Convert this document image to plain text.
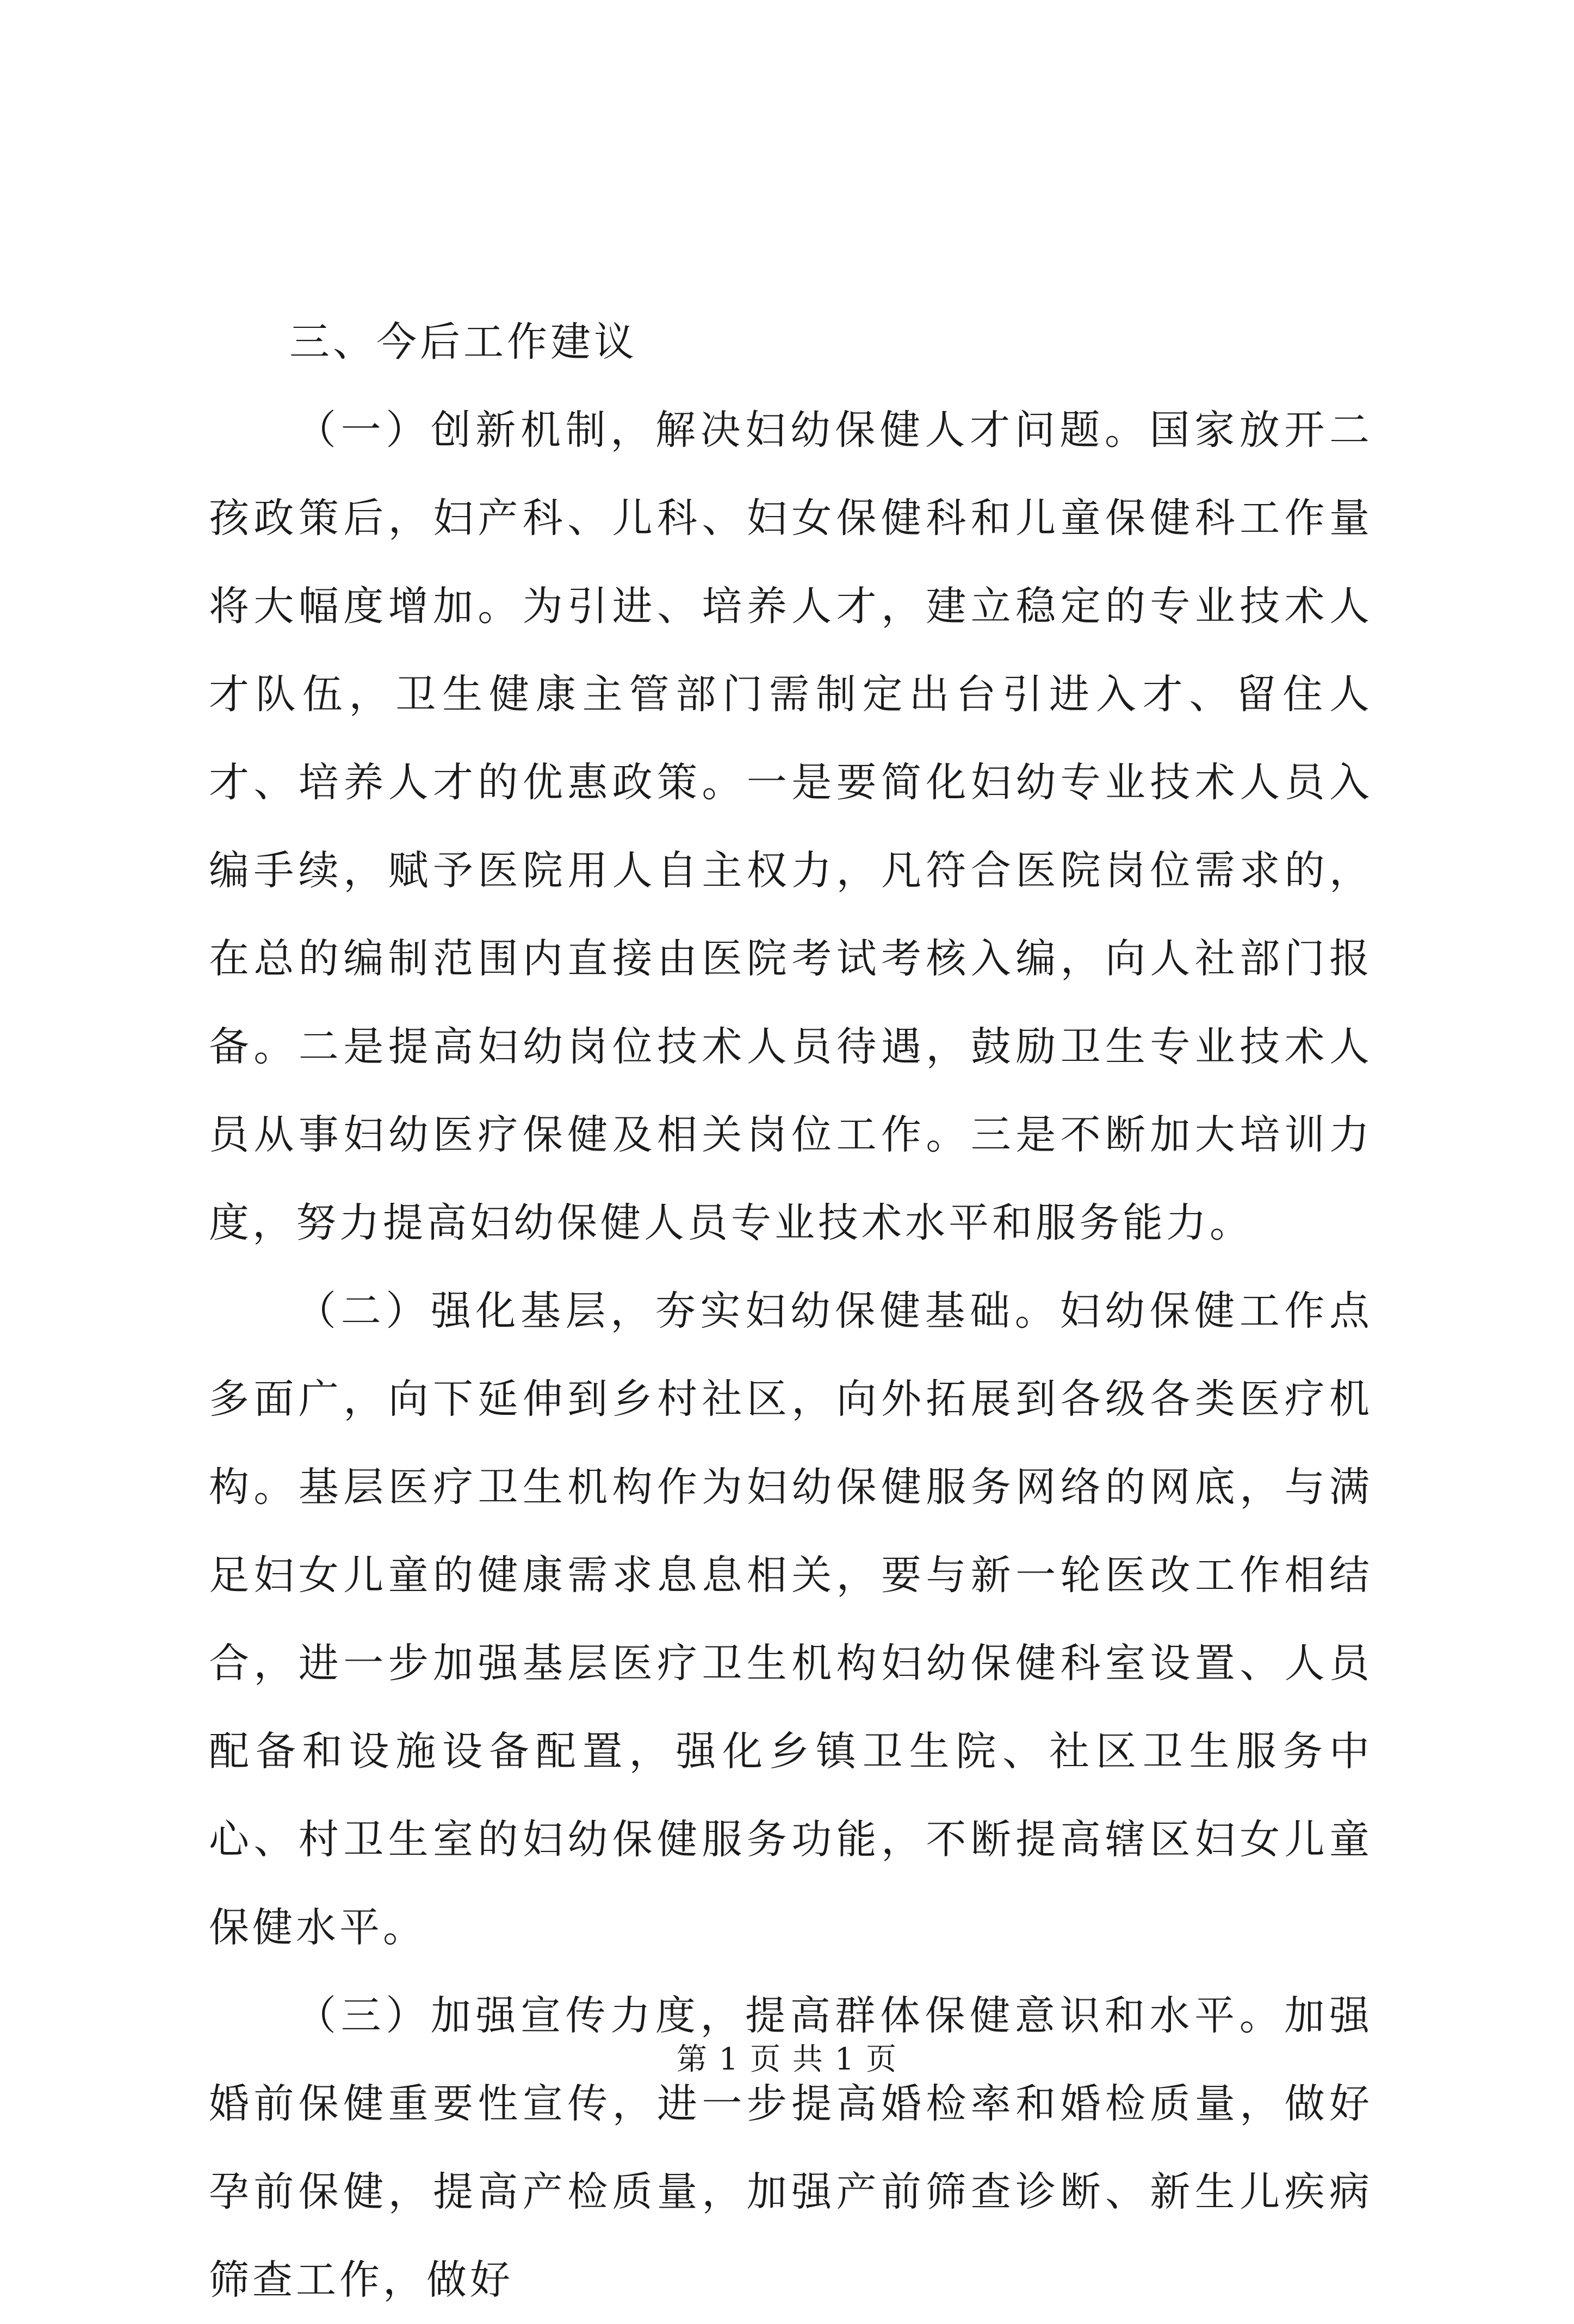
三、今后工作建议

（一）创新机制，解决妇幼保健人才问题。国家放开二孩政策后，妇产科、儿科、妇女保健科和儿童保健科工作量将大幅度增加。为引进、培养人才，建立稳定的专业技术人才队伍，卫生健康主管部门需制定出台引进入才、留住人才、培养人才的优惠政策。一是要简化妇幼专业技术人员入编手续，赋予医院用人自主权力，凡符合医院岗位需求的，在总的编制范围内直接由医院考试考核入编，向人社部门报备。二是提高妇幼岗位技术人员待遇，鼓励卫生专业技术人员从事妇幼医疗保健及相关岗位工作。三是不断加大培训力度，努力提高妇幼保健人员专业技术水平和服务能力。

（二）强化基层，夯实妇幼保健基础。妇幼保健工作点多面广，向下延伸到乡村社区，向外拓展到各级各类医疗机构。基层医疗卫生机构作为妇幼保健服务网络的网底，与满足妇女儿童的健康需求息息相关，要与新一轮医改工作相结合，进一步加强基层医疗卫生机构妇幼保健科室设置、人员配备和设施设备配置，强化乡镇卫生院、社区卫生服务中心、村卫生室的妇幼保健服务功能，不断提高辖区妇女儿童保健水平。

（三）加强宣传力度，提高群体保健意识和水平。加强婚前保健重要性宣传，进一步提高婚检率和婚检质量，做好孕前保健，提高产检质量，加强产前筛查诊断、新生儿疾病筛查工作，做好

第 1 页 共 1 页
